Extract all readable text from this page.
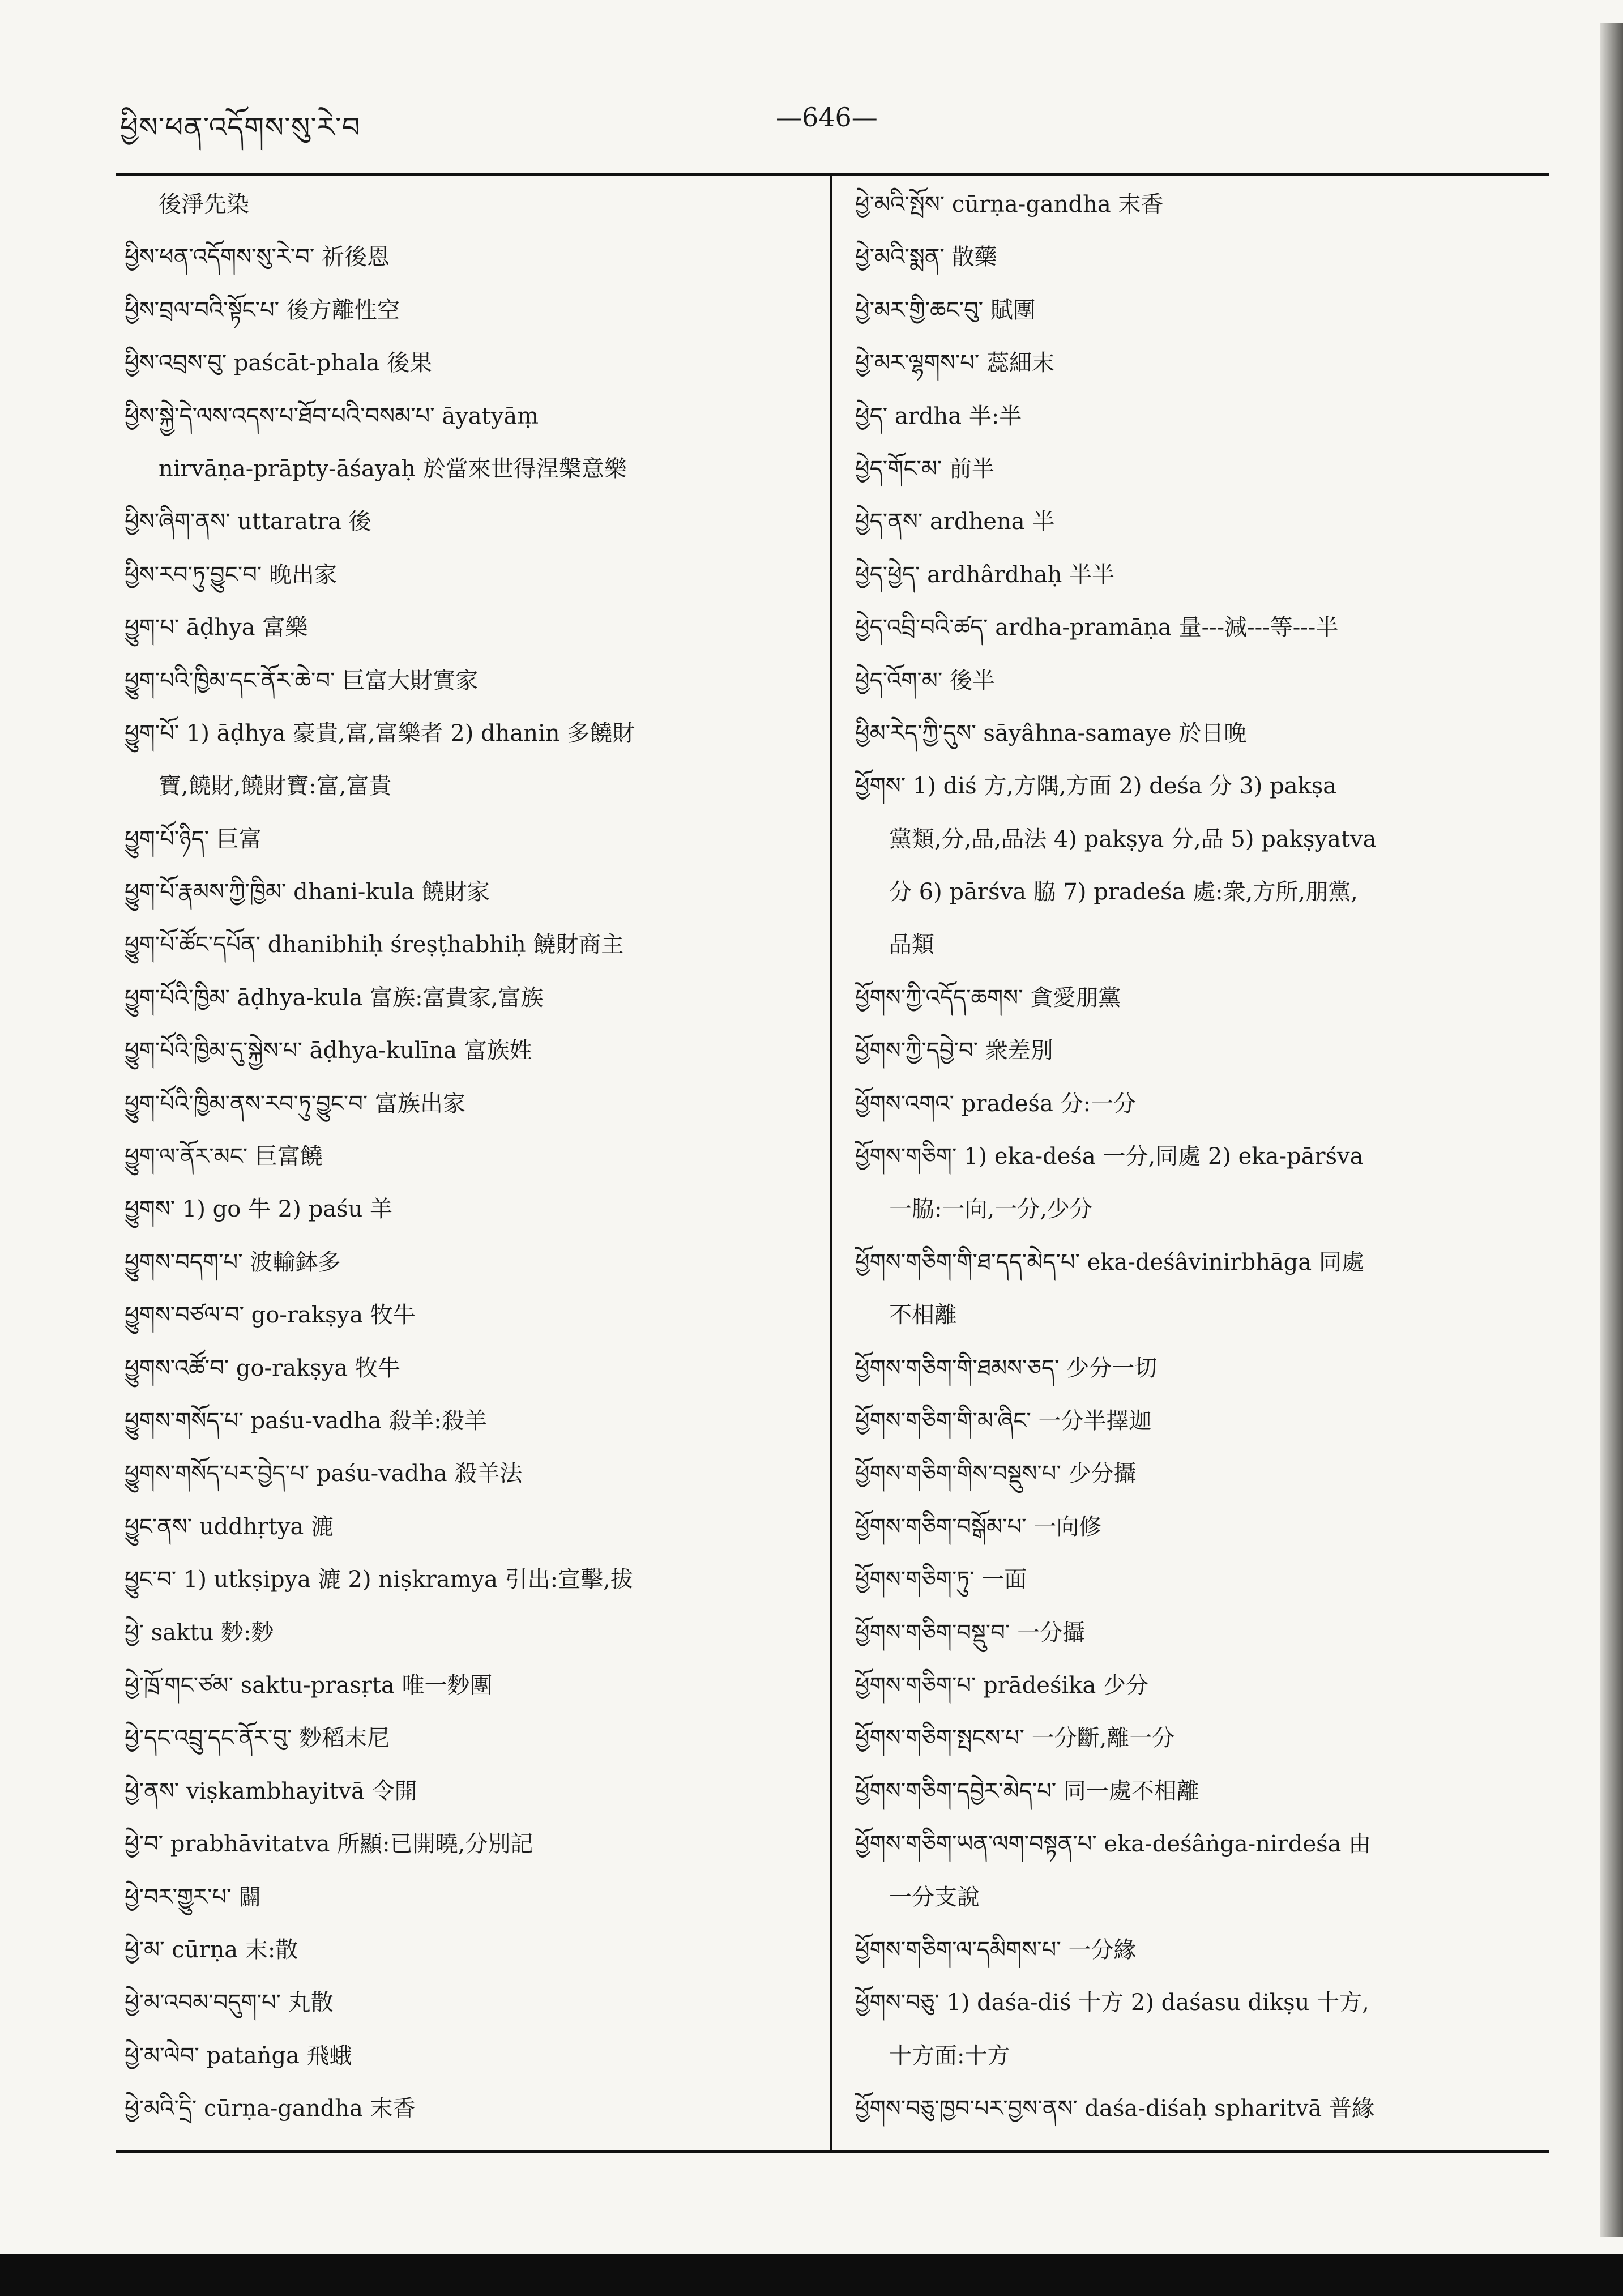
ཕྱིས་ཕན་འདོགས་སུ་རེ་བ	—646—
後淨先染
ཕྱིས་ཕན་འདོགས་སུ་རེ་བ་ 祈後恩
ཕྱིས་བྲལ་བའི་སྟོང་པ་ 後方離性空
ཕྱིས་འབྲས་བུ་ paścāt-phala 後果
ཕྱིས་སྐྱེ་དེ་ལས་འདས་པ་ཐོབ་པའི་བསམ་པ་ āyatyāṃ
nirvāṇa-prāpty-āśayaḥ 於當來世得涅槃意樂
ཕྱིས་ཞིག་ནས་ uttaratra 後
ཕྱིས་རབ་ཏུ་བྱུང་བ་ 晚出家
ཕྱུག་པ་ āḍhya 富樂
ཕྱུག་པའི་ཁྱིམ་དང་ནོར་ཆེ་བ་ 巨富大財實家
ཕྱུག་པོ་ 1) āḍhya 豪貴,富,富樂者 2) dhanin 多饒財
寶,饒財,饒財寶:富,富貴
ཕྱུག་པོ་ཉིད་ 巨富
ཕྱུག་པོ་རྣམས་ཀྱི་ཁྱིམ་ dhani-kula 饒財家
ཕྱུག་པོ་ཚོང་དཔོན་ dhanibhiḥ śreṣṭhabhiḥ 饒財商主
ཕྱུག་པོའི་ཁྱིམ་ āḍhya-kula 富族:富貴家,富族
ཕྱུག་པོའི་ཁྱིམ་དུ་སྐྱེས་པ་ āḍhya-kulīna 富族姓
ཕྱུག་པོའི་ཁྱིམ་ནས་རབ་ཏུ་བྱུང་བ་ 富族出家
ཕྱུག་ལ་ནོར་མང་ 巨富饒
ཕྱུགས་ 1) go 牛 2) paśu 羊
ཕྱུགས་བདག་པ་ 波輸鉢多
ཕྱུགས་བཙལ་བ་ go-rakṣya 牧牛
ཕྱུགས་འཚོ་བ་ go-rakṣya 牧牛
ཕྱུགས་གསོད་པ་ paśu-vadha 殺羊:殺羊
ཕྱུགས་གསོད་པར་བྱེད་པ་ paśu-vadha 殺羊法
ཕྱུང་ནས་ uddhṛtya 漉
ཕྱུང་བ་ 1) utkṣipya 漉 2) niṣkramya 引出:宣擊,拔
ཕྱེ་ saktu 麨:麨
ཕྱེ་ཁྲོ་གང་ཙམ་ saktu-prasṛta 唯一麨團
ཕྱེ་དང་འབྲུ་དང་ནོར་བུ་ 麨稻末尼
ཕྱེ་ནས་ viṣkambhayitvā 令開
ཕྱེ་བ་ prabhāvitatva 所顯:已開曉,分別記
ཕྱེ་བར་གྱུར་པ་ 闢
ཕྱེ་མ་ cūrṇa 末:散
ཕྱེ་མ་འབམ་བདུག་པ་ 丸散
ཕྱེ་མ་ལེབ་ pataṅga 飛蛾
ཕྱེ་མའི་དྲི་ cūrṇa-gandha 末香
ཕྱེ་མའི་སྤོས་ cūrṇa-gandha 末香
ཕྱེ་མའི་སྨན་ 散藥
ཕྱེ་མར་གྱི་ཆང་བུ་ 賦團
ཕྱེ་མར་ལྷགས་པ་ 蕊細末
ཕྱེད་ ardha 半:半
ཕྱེད་གོང་མ་ 前半
ཕྱེད་ནས་ ardhena 半
ཕྱེད་ཕྱེད་ ardhârdhaḥ 半半
ཕྱེད་འབྲི་བའི་ཚད་ ardha-pramāṇa 量---減---等---半
ཕྱེད་འོག་མ་ 後半
ཕྱིམ་རེད་ཀྱི་དུས་ sāyâhna-samaye 於日晚
ཕྱོགས་ 1) diś 方,方隅,方面 2) deśa 分 3) pakṣa
黨類,分,品,品法 4) pakṣya 分,品 5) pakṣyatva
分 6) pārśva 脇 7) pradeśa 處:衆,方所,朋黨,
品類
ཕྱོགས་ཀྱི་འདོད་ཆགས་ 貪愛朋黨
ཕྱོགས་ཀྱི་དབྱེ་བ་ 衆差別
ཕྱོགས་འགའ་ pradeśa 分:一分
ཕྱོགས་གཅིག་ 1) eka-deśa 一分,同處 2) eka-pārśva
一脇:一向,一分,少分
ཕྱོགས་གཅིག་གི་ཐ་དད་མེད་པ་ eka-deśâvinirbhāga 同處
不相離
ཕྱོགས་གཅིག་གི་ཐམས་ཅད་ 少分一切
ཕྱོགས་གཅིག་གི་མ་ཞིང་ 一分半擇迦
ཕྱོགས་གཅིག་གིས་བསྡུས་པ་ 少分攝
ཕྱོགས་གཅིག་བསྒོམ་པ་ 一向修
ཕྱོགས་གཅིག་ཏུ་ 一面
ཕྱོགས་གཅིག་བསྡུ་བ་ 一分攝
ཕྱོགས་གཅིག་པ་ prādeśika 少分
ཕྱོགས་གཅིག་སྤངས་པ་ 一分斷,離一分
ཕྱོགས་གཅིག་དབྱེར་མེད་པ་ 同一處不相離
ཕྱོགས་གཅིག་ཡན་ལག་བསྟན་པ་ eka-deśâṅga-nirdeśa 由
一分支說
ཕྱོགས་གཅིག་ལ་དམིགས་པ་ 一分緣
ཕྱོགས་བཅུ་ 1) daśa-diś 十方 2) daśasu dikṣu 十方,
十方面:十方
ཕྱོགས་བཅུ་ཁྱབ་པར་བྱས་ནས་ daśa-diśaḥ spharitvā 普緣
